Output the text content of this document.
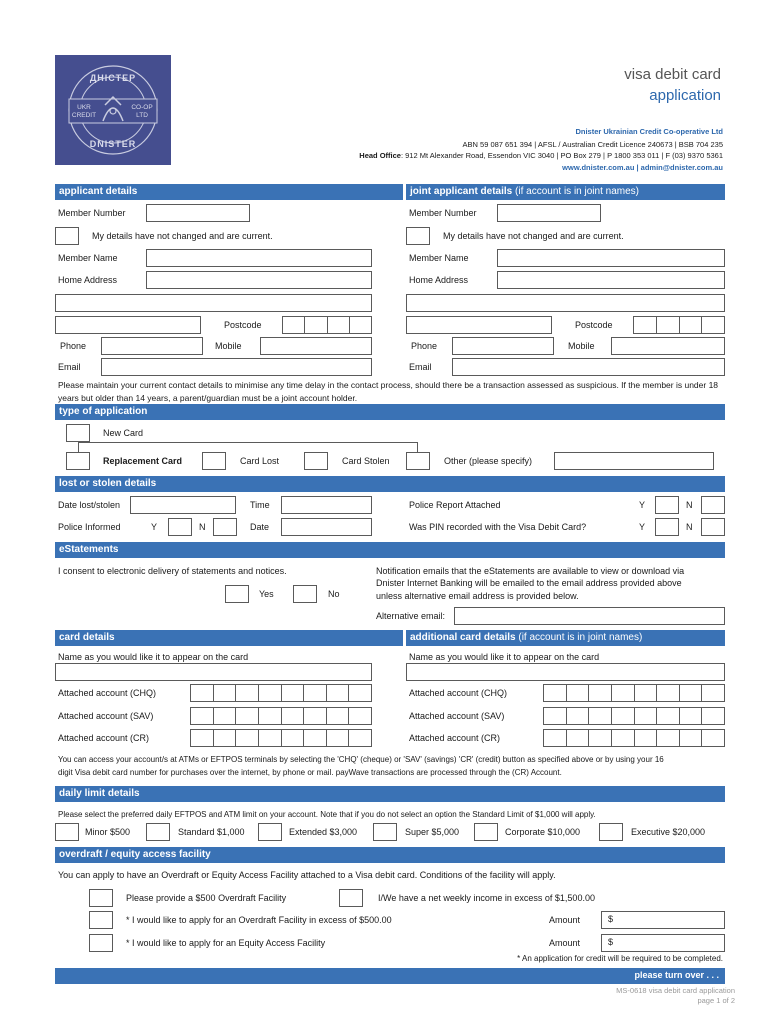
ДНІСТЕР
UKR CREDIT
CO-OP LTD
DNISTER
visa debit card
application
Dnister Ukrainian Credit Co-operative Ltd
ABN 59 087 651 394 | AFSL / Australian Credit Licence 240673 | BSB 704 235
Head Office: 912 Mt Alexander Road, Essendon VIC 3040 | PO Box 279 | P 1800 353 011 | F (03) 9370 5361
www.dnister.com.au | admin@dnister.com.au
applicant details	joint applicant details (if account is in joint names)
Member Number
My details have not changed and are current.
Member Name
Home Address
Postcode
Phone	Mobile
Email
Member Number
My details have not changed and are current.
Member Name
Home Address
Postcode
Phone	Mobile
Email
Please maintain your current contact details to minimise any time delay in the contact process, should there be a transaction assessed as suspicious. If the member is under 18 years but older than 14 years, a parent/guardian must be a joint account holder.
type of application
New Card
Replacement Card	Card Lost	Card Stolen	Other (please specify)
lost or stolen details
Date lost/stolen	Time	Police Report Attached	Y	N
Police Informed	Y	N	Date	Was PIN recorded with the Visa Debit Card?	Y	N
eStatements
I consent to electronic delivery of statements and notices.
Yes	No
Notification emails that the eStatements are available to view or download via
Dnister Internet Banking will be emailed to the email address provided above
unless alternative email address is provided below.
Alternative email:
card details	additional card details (if account is in joint names)
Name as you would like it to appear on the card
Attached account (CHQ)
Attached account (SAV)
Attached account (CR)
Name as you would like it to appear on the card
Attached account (CHQ)
Attached account (SAV)
Attached account (CR)
You can access your account/s at ATMs or EFTPOS terminals by selecting the 'CHQ' (cheque) or 'SAV' (savings) 'CR' (credit) button as specified above or by using your 16
digit Visa debit card number for purchases over the internet, by phone or mail. payWave transactions are processed through the (CR) Account.
daily limit details
Please select the preferred daily EFTPOS and ATM limit on your account. Note that if you do not select an option the Standard Limit of $1,000 will apply.
Minor $500	Standard $1,000	Extended $3,000	Super $5,000	Corporate $10,000	Executive $20,000
overdraft / equity access facility
You can apply to have an Overdraft or Equity Access Facility attached to a Visa debit card. Conditions of the facility will apply.
Please provide a $500 Overdraft Facility	I/We have a net weekly income in excess of $1,500.00
* I would like to apply for an Overdraft Facility in excess of $500.00	Amount	$
* I would like to apply for an Equity Access Facility	Amount	$
* An application for credit will be required to be completed.
please turn over . . .
MS-0618 visa debit card application
page 1 of 2
